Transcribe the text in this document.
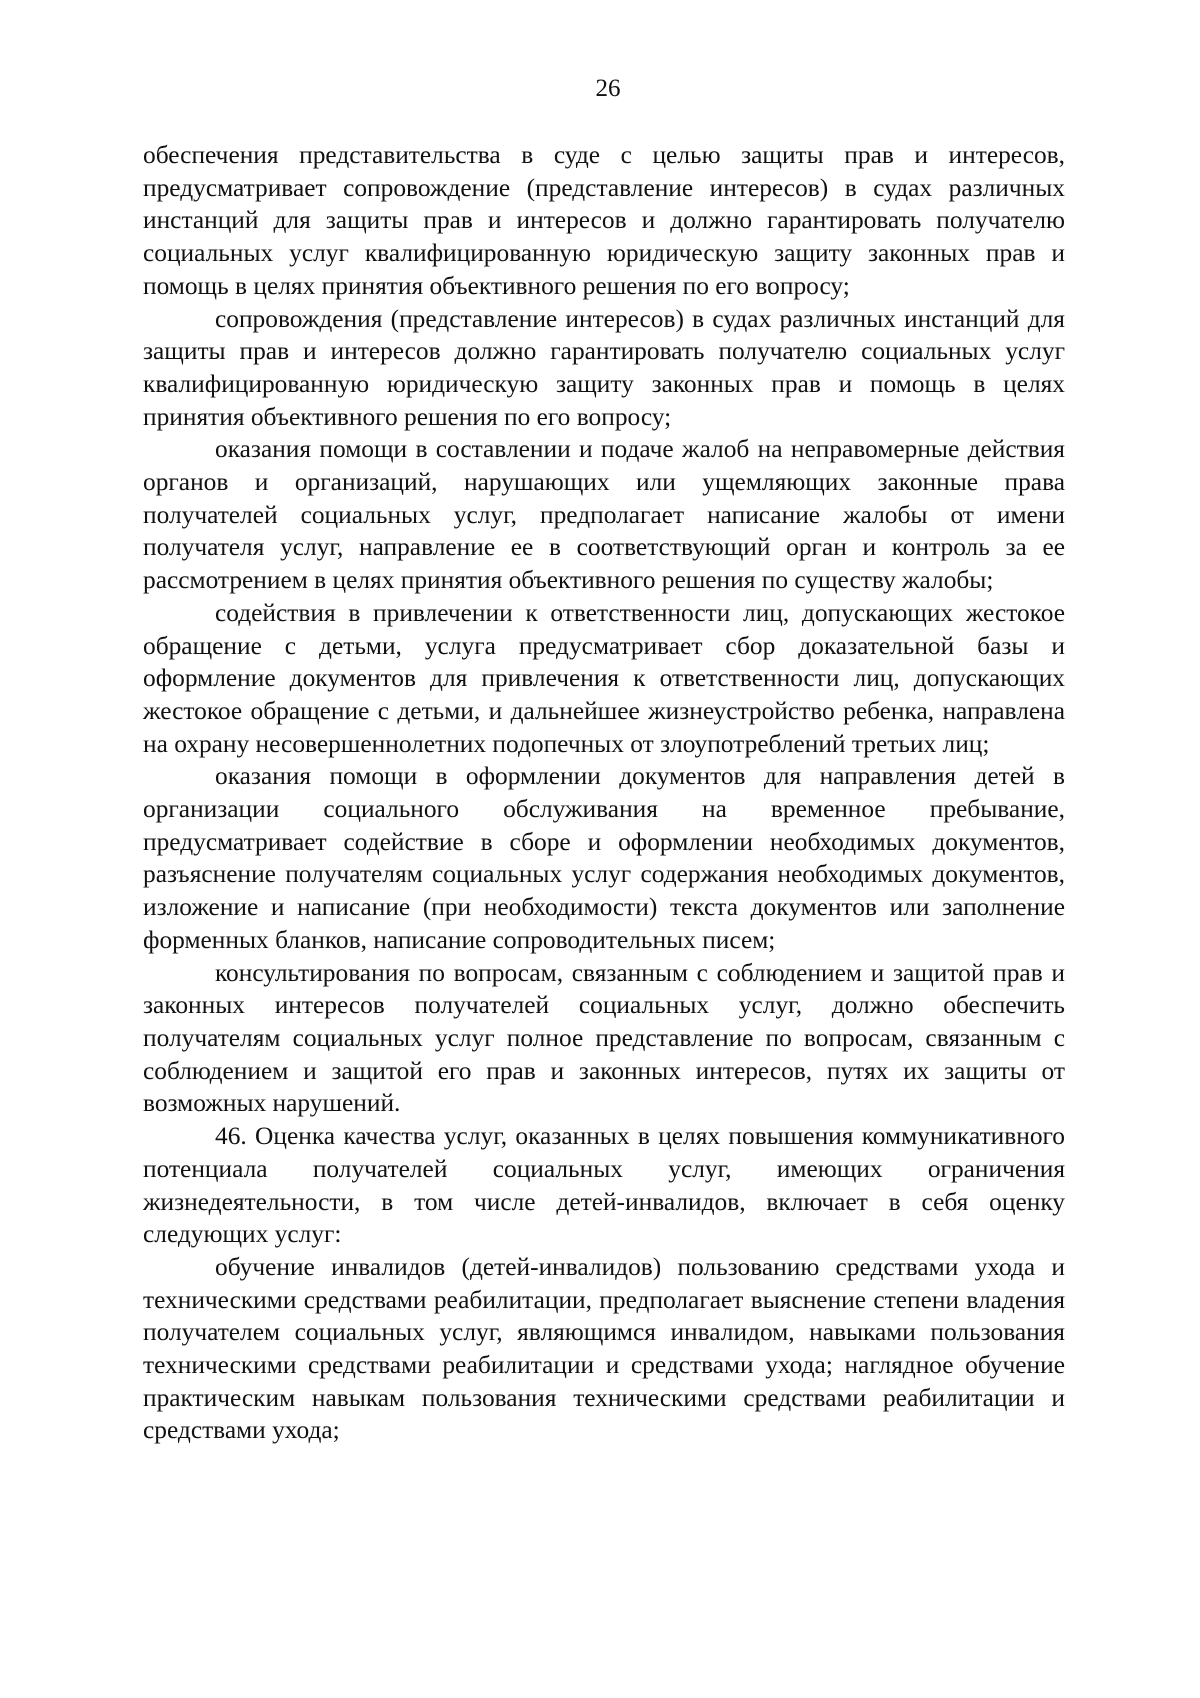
26

обеспечения представительства в суде с целью защиты прав и интересов, предусматривает сопровождение (представление интересов) в судах различных инстанций для защиты прав и интересов и должно гарантировать получателю социальных услуг квалифицированную юридическую защиту законных прав и помощь в целях принятия объективного решения по его вопросу;

сопровождения (представление интересов) в судах различных инстанций для защиты прав и интересов должно гарантировать получателю социальных услуг квалифицированную юридическую защиту законных прав и помощь в целях принятия объективного решения по его вопросу;

оказания помощи в составлении и подаче жалоб на неправомерные действия органов и организаций, нарушающих или ущемляющих законные права получателей социальных услуг, предполагает написание жалобы от имени получателя услуг, направление ее в соответствующий орган и контроль за ее рассмотрением в целях принятия объективного решения по существу жалобы;

содействия в привлечении к ответственности лиц, допускающих жестокое обращение с детьми, услуга предусматривает сбор доказательной базы и оформление документов для привлечения к ответственности лиц, допускающих жестокое обращение с детьми, и дальнейшее жизнеустройство ребенка, направлена на охрану несовершеннолетних подопечных от злоупотреблений третьих лиц;

оказания помощи в оформлении документов для направления детей в организации социального обслуживания на временное пребывание, предусматривает содействие в сборе и оформлении необходимых документов, разъяснение получателям социальных услуг содержания необходимых документов, изложение и написание (при необходимости) текста документов или заполнение форменных бланков, написание сопроводительных писем;

консультирования по вопросам, связанным с соблюдением и защитой прав и законных интересов получателей социальных услуг, должно обеспечить получателям социальных услуг полное представление по вопросам, связанным с соблюдением и защитой его прав и законных интересов, путях их защиты от возможных нарушений.

46. Оценка качества услуг, оказанных в целях повышения коммуникативного потенциала получателей социальных услуг, имеющих ограничения жизнедеятельности, в том числе детей-инвалидов, включает в себя оценку следующих услуг:

обучение инвалидов (детей-инвалидов) пользованию средствами ухода и техническими средствами реабилитации, предполагает выяснение степени владения получателем социальных услуг, являющимся инвалидом, навыками пользования техническими средствами реабилитации и средствами ухода; наглядное обучение практическим навыкам пользования техническими средствами реабилитации и средствами ухода;
